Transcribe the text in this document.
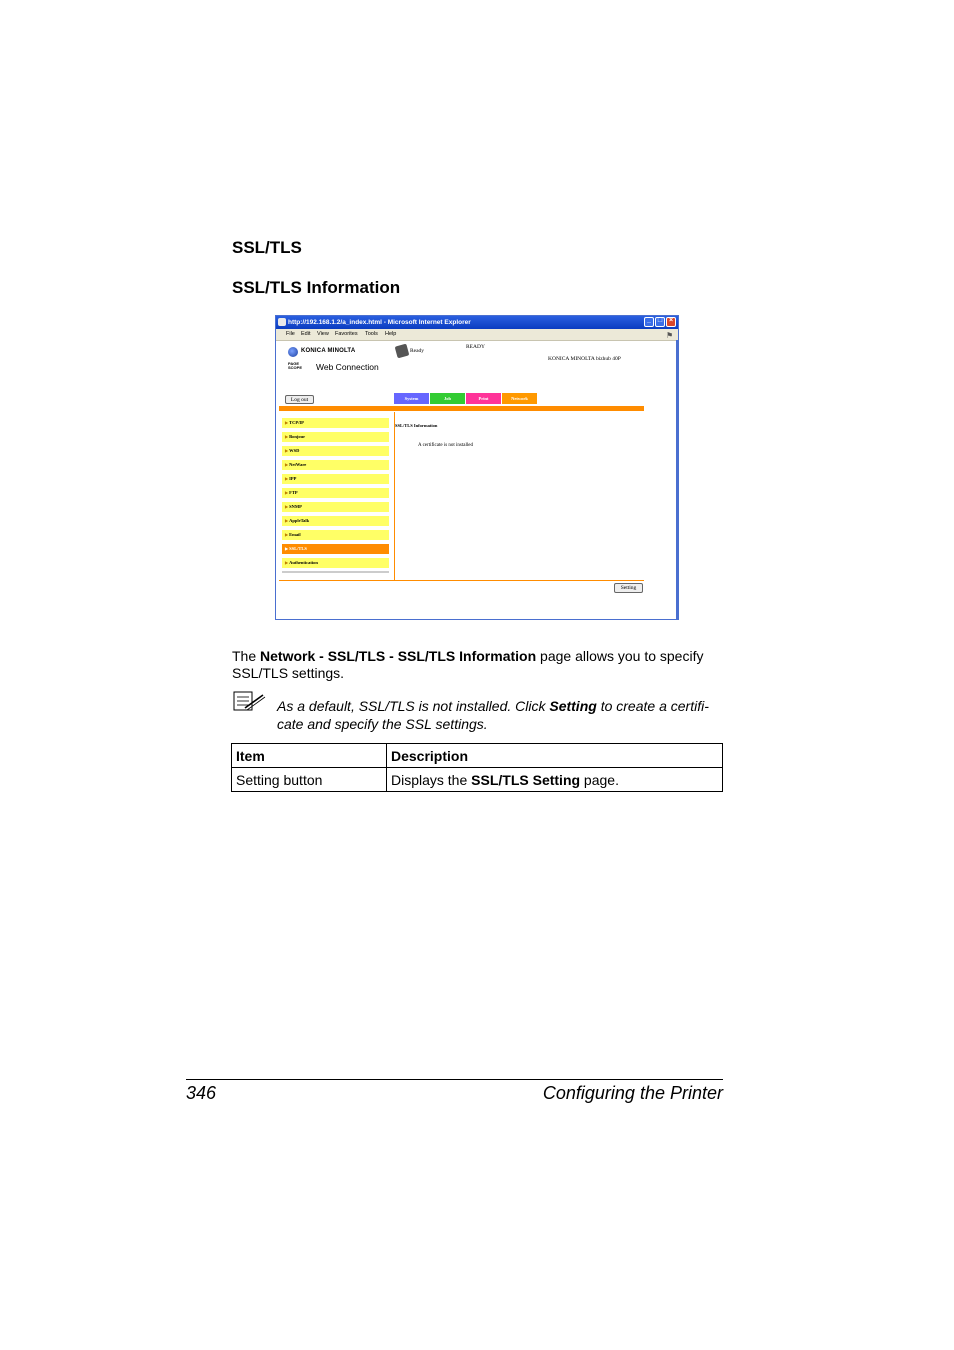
SSL/TLS
SSL/TLS Information
http://192.168.1.2/a_index.html - Microsoft Internet Explorer	_ □ ×
File Edit View Favorites Tools Help	⚑
KONICA MINOLTA
PAGE
SCOPE Web Connection
Ready
READY
KONICA MINOLTA bizhub 40P
Log out	System	Job	Print	Network
▶TCP/IP
▶Bonjour
▶WSD
▶NetWare
▶IPP
▶FTP
▶SNMP
▶AppleTalk
▶Email
▶SSL/TLS
▶Authentication
SSL/TLS Information
A certificate is not installed
Setting
The Network - SSL/TLS - SSL/TLS Information page allows you to specify SSL/TLS settings.
As a default, SSL/TLS is not installed. Click Setting to create a certifi-cate and specify the SSL settings.
Item	Description
Setting button	Displays the SSL/TLS Setting page.
346	Configuring the Printer
